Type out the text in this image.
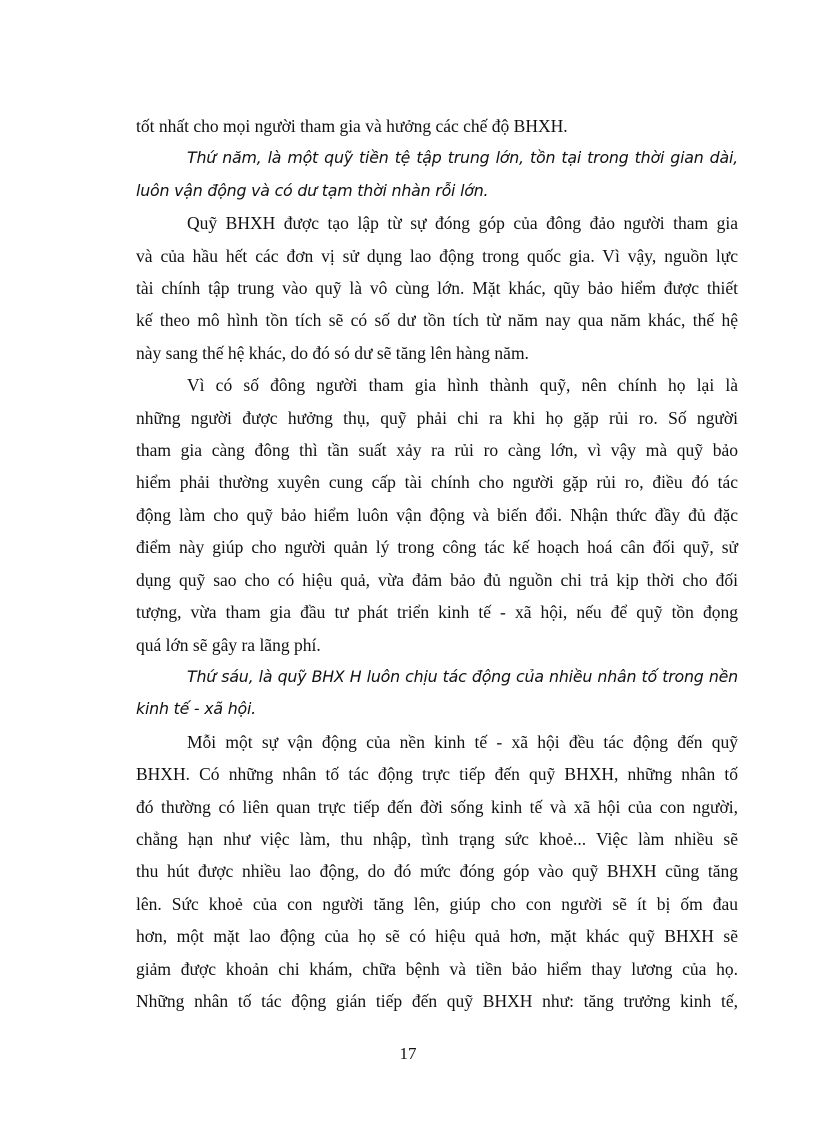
tốt nhất cho mọi người tham gia và hưởng các chế độ BHXH.

Thứ năm, là một quỹ tiền tệ tập trung lớn, tồn tại trong thời gian dài,

luôn vận động và có dư tạm thời nhàn rỗi lớn.

Quỹ BHXH được tạo lập từ sự đóng góp của đông đảo người tham gia

và của hầu hết các đơn vị sử dụng lao động trong quốc gia. Vì vậy, nguồn lực

tài chính tập trung vào quỹ là vô cùng lớn. Mặt khác, qũy bảo hiểm được thiết

kế theo mô hình tồn tích sẽ có số dư tồn tích từ năm nay qua năm khác, thế hệ

này sang thế hệ khác, do đó só dư sẽ tăng lên hàng năm.

Vì có số đông người tham gia hình thành quỹ, nên chính họ lại là

những người được hưởng thụ, quỹ phải chi ra khi họ gặp rủi ro. Số người

tham gia càng đông thì tần suất xảy ra rủi ro càng lớn, vì vậy mà quỹ bảo

hiểm phải thường xuyên cung cấp tài chính cho người gặp rủi ro, điều đó tác

động làm cho quỹ bảo hiểm luôn vận động và biến đổi. Nhận thức đầy đủ đặc

điểm này giúp cho người quản lý trong công tác kế hoạch hoá cân đối quỹ, sử

dụng quỹ sao cho có hiệu quả, vừa đảm bảo đủ nguồn chi trả kịp thời cho đối

tượng, vừa tham gia đầu tư phát triển kinh tế - xã hội, nếu để quỹ tồn đọng

quá lớn sẽ gây ra lãng phí.

Thứ sáu, là quỹ BHX H luôn chịu tác động của nhiều nhân tố trong nền

kinh tế - xã hội.

Mỗi một sự vận động của nền kinh tế - xã hội đều tác động đến quỹ

BHXH. Có những nhân tố tác động trực tiếp đến quỹ BHXH, những nhân tố

đó thường có liên quan trực tiếp đến đời sống kinh tế và xã hội của con người,

chẳng hạn như việc làm, thu nhập, tình trạng sức khoẻ... Việc làm nhiều sẽ

thu hút được nhiều lao động, do đó mức đóng góp vào quỹ BHXH cũng tăng

lên. Sức khoẻ của con người tăng lên, giúp cho con người sẽ ít bị ốm đau

hơn, một mặt lao động của họ sẽ có hiệu quả hơn, mặt khác quỹ BHXH sẽ

giảm được khoản chi khám, chữa bệnh và tiền bảo hiểm thay lương của họ.

Những nhân tố tác động gián tiếp đến quỹ BHXH như: tăng trưởng kinh tế,

17
